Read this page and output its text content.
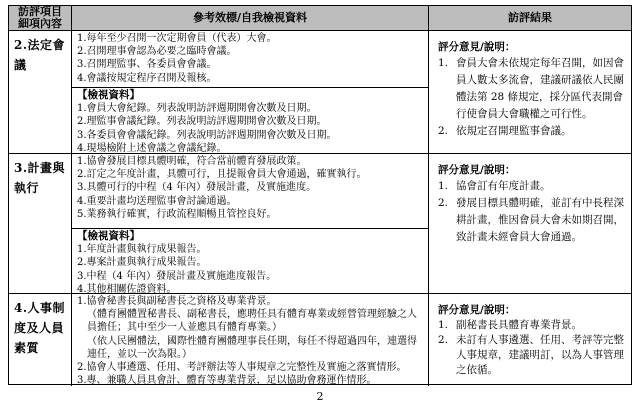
訪評項目
細項內容	參考效標/自我檢視資料	訪評結果
2.法定會議
1.每年至少召開一次定期會員（代表）大會。
2.召開理事會認為必要之臨時會議。
3.召開理監事、各委員會會議。
4.會議按規定程序召開及報核。
【檢視資料】
1.會員大會紀錄。列表說明訪評週期開會次數及日期。
2.理監事會議紀錄。列表說明訪評週期開會次數及日期。
3.各委員會會議紀錄。列表說明訪評週期開會次數及日期。
4.現場檢附上述會議之會議紀錄。
評分意見/說明：
1. 會員大會未依規定每年召開，如因會員人數太多流會，建議研議依人民團體法第 28 條規定，採分區代表開會行使會員大會職權之可行性。
2. 依規定召開理監事會議。
3.計畫與執行
1.協會發展目標具體明確，符合當前體育發展政策。
2.訂定之年度計畫，具體可行，且提報會員大會通過，確實執行。
3.具體可行的中程（4 年內）發展計畫，及實施進度。
4.重要計畫均送理監事會討論通過。
5.業務執行確實，行政流程順暢且管控良好。
【檢視資料】
1.年度計畫與執行成果報告。
2.專案計畫與執行成果報告。
3.中程（4 年內）發展計畫及實施進度報告。
4.其他相關佐證資料。
評分意見/說明：
1. 協會訂有年度計畫。
2. 發展目標具體明確，並訂有中長程深耕計畫，惟因會員大會未如期召開，致計畫未經會員大會通過。
4.人事制度及人員素質
1.協會秘書長與副秘書長之資格及專業背景。
（體育團體置秘書長、副秘書長，應聘任具有體育專業或經營管理經驗之人員擔任；其中至少一人並應具有體育專業。）
（依人民團體法，國際性體育團體理事長任期，每任不得超過四年，連選得連任，並以一次為限。）
2.協會人事遴選、任用、考評辦法等人事規章之完整性及實施之落實情形。
3.專、兼職人員具會計、體育等專業背景，足以協助會務運作情形。
評分意見/說明：
1. 副秘書長具體育專業背景。
2. 未訂有人事遴選、任用、考評等完整人事規章，建議明訂，以為人事管理之依循。
2
